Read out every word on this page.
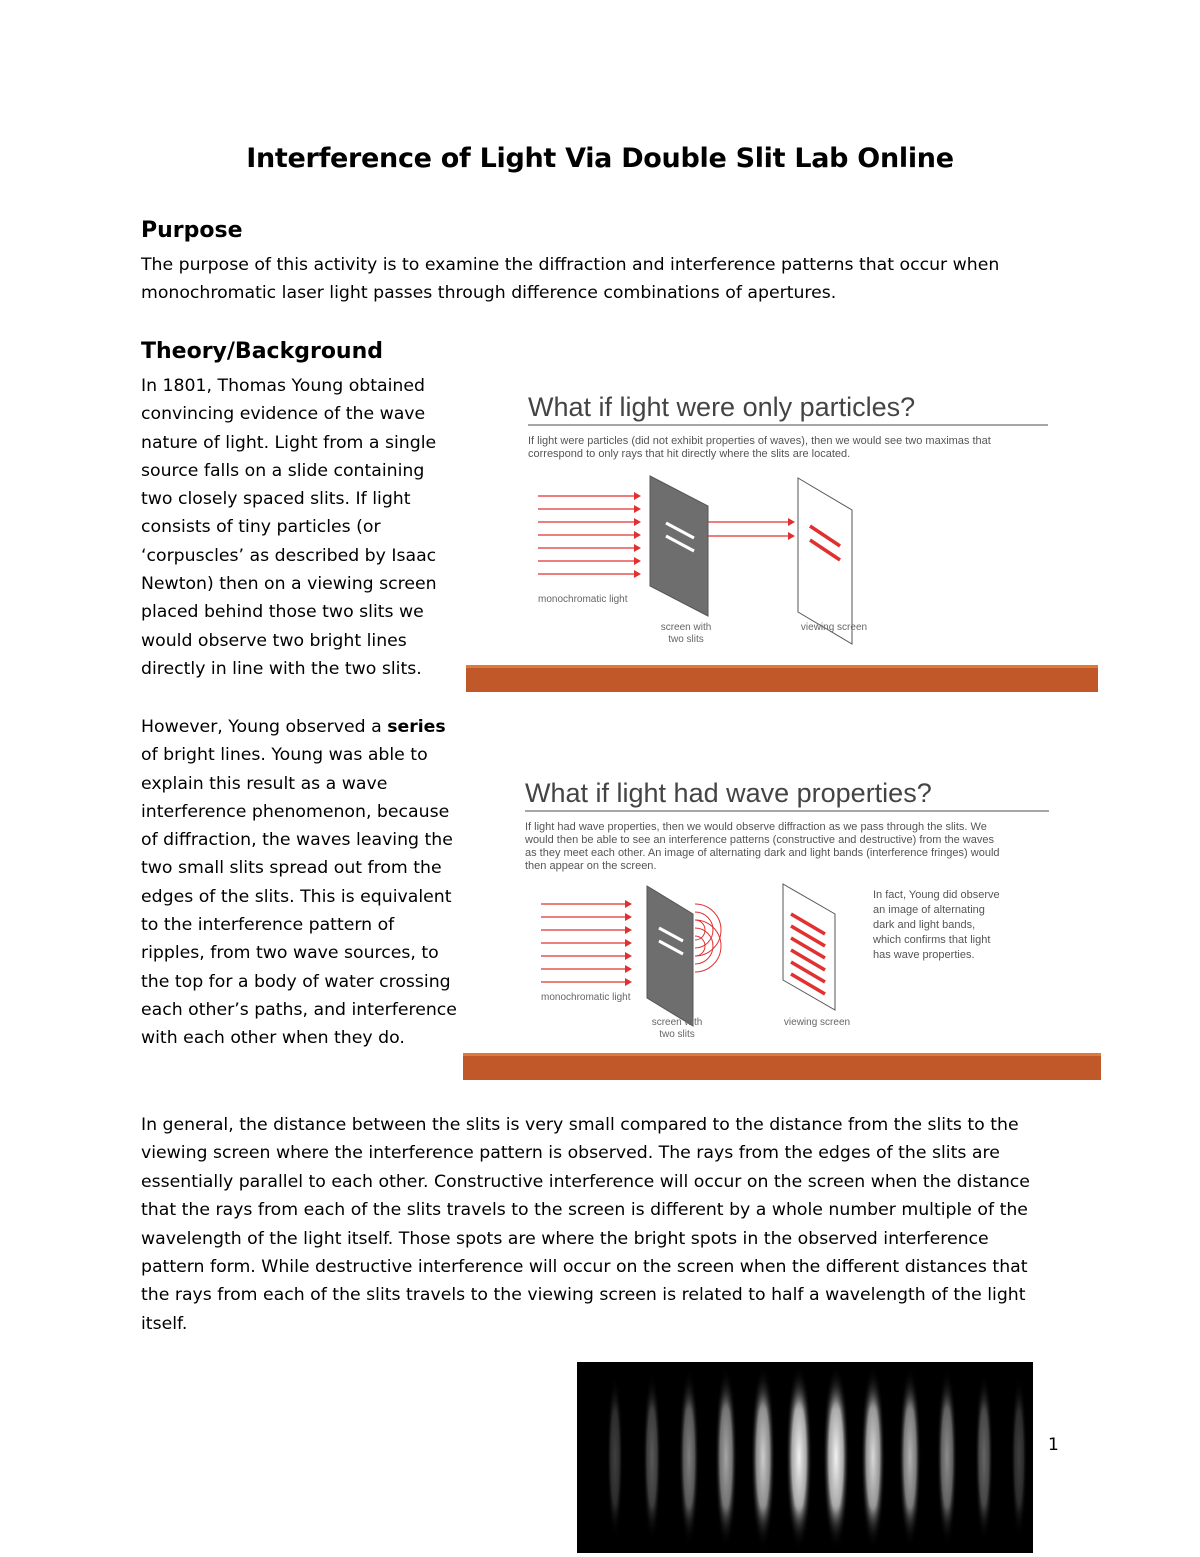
Interference of Light Via Double Slit Lab Online
Purpose
The purpose of this activity is to examine the diffraction and interference patterns that occur when monochromatic laser light passes through difference combinations of apertures.
Theory/Background
In 1801, Thomas Young obtained convincing evidence of the wave nature of light. Light from a single source falls on a slide containing two closely spaced slits. If light consists of tiny particles (or ‘corpuscles’ as described by Isaac Newton) then on a viewing screen placed behind those two slits we would observe two bright lines directly in line with the two slits.
However, Young observed a series of bright lines. Young was able to explain this result as a wave interference phenomenon, because of diffraction, the waves leaving the two small slits spread out from the edges of the slits. This is equivalent to the interference pattern of ripples, from two wave sources, to the top for a body of water crossing each other’s paths, and interference with each other when they do.
In general, the distance between the slits is very small compared to the distance from the slits to the viewing screen where the interference pattern is observed. The rays from the edges of the slits are essentially parallel to each other. Constructive interference will occur on the screen when the distance that the rays from each of the slits travels to the screen is different by a whole number multiple of the wavelength of the light itself. Those spots are where the bright spots in the observed interference pattern form. While destructive interference will occur on the screen when the different distances that the rays from each of the slits travels to the viewing screen is related to half a wavelength of the light itself.
What if light were only particles?
If light were particles (did not exhibit properties of waves), then we would see two maximas that
correspond to only rays that hit directly where the slits are located.
monochromatic light
screen with
two slits
viewing screen
What if light had wave properties?
If light had wave properties, then we would observe diffraction as we pass through the slits. We
would then be able to see an interference patterns (constructive and destructive) from the waves
as they meet each other. An image of alternating dark and light bands (interference fringes) would
then appear on the screen.
In fact, Young did observe
an image of alternating
dark and light bands,
which confirms that light
has wave properties.
monochromatic light
screen with
two slits
viewing screen
1
